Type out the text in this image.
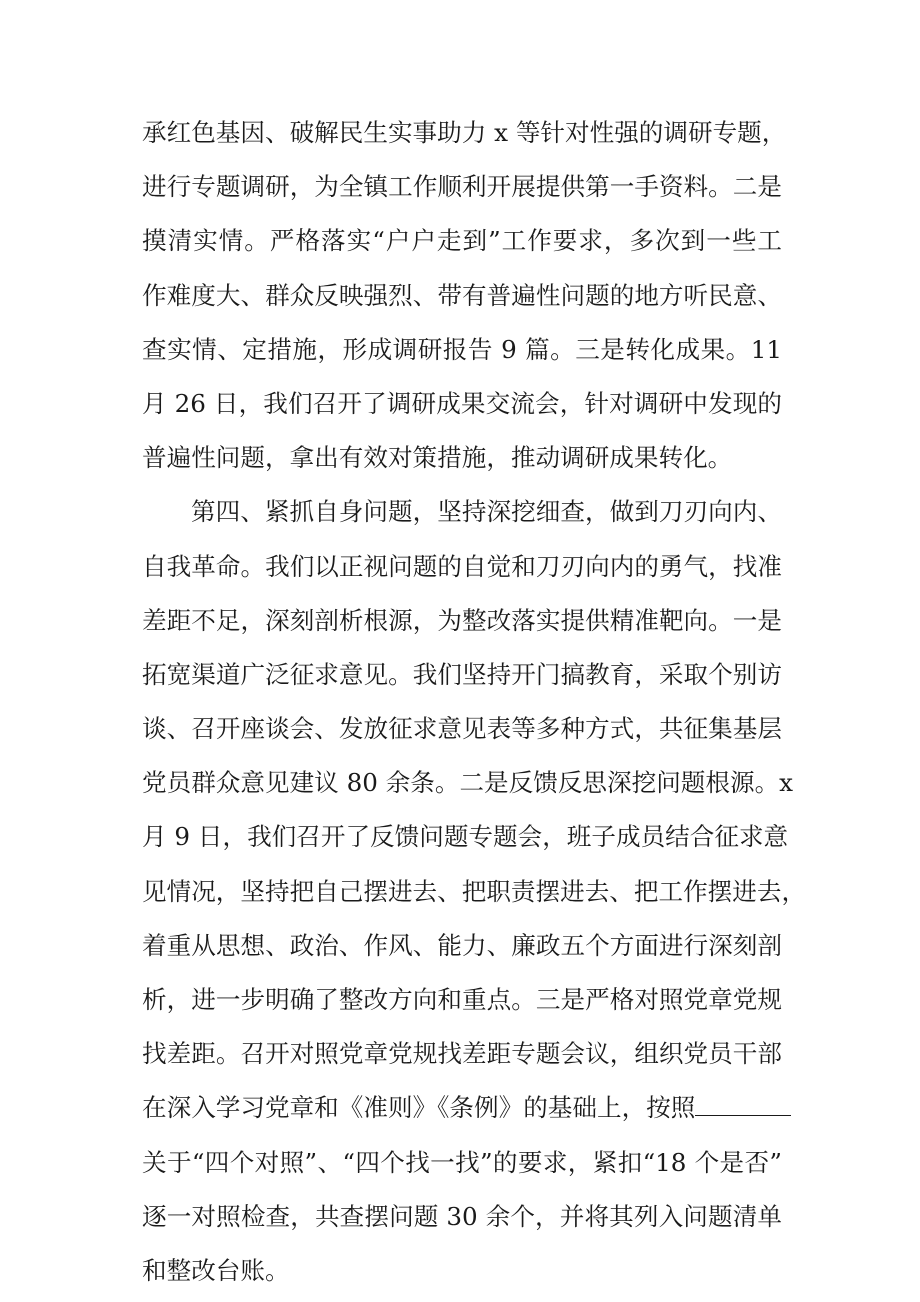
承红色基因、破解民生实事助力 x 等针对性强的调研专题，
进行专题调研，为全镇工作顺利开展提供第一手资料。二是
摸清实情。严格落实“户户走到”工作要求，多次到一些工
作难度大、群众反映强烈、带有普遍性问题的地方听民意、
查实情、定措施，形成调研报告 9 篇。三是转化成果。11
月 26 日，我们召开了调研成果交流会，针对调研中发现的
普遍性问题，拿出有效对策措施，推动调研成果转化。
第四、紧抓自身问题，坚持深挖细查，做到刀刃向内、
自我革命。我们以正视问题的自觉和刀刃向内的勇气，找准
差距不足，深刻剖析根源，为整改落实提供精准靶向。一是
拓宽渠道广泛征求意见。我们坚持开门搞教育，采取个别访
谈、召开座谈会、发放征求意见表等多种方式，共征集基层
党员群众意见建议 80 余条。二是反馈反思深挖问题根源。x
月 9 日，我们召开了反馈问题专题会，班子成员结合征求意
见情况，坚持把自己摆进去、把职责摆进去、把工作摆进去，
着重从思想、政治、作风、能力、廉政五个方面进行深刻剖
析，进一步明确了整改方向和重点。三是严格对照党章党规
找差距。召开对照党章党规找差距专题会议，组织党员干部
在深入学习党章和《准则》《条例》的基础上，按照
关于“四个对照”、“四个找一找”的要求，紧扣“18 个是否”
逐一对照检查，共查摆问题 30 余个，并将其列入问题清单
和整改台账。
